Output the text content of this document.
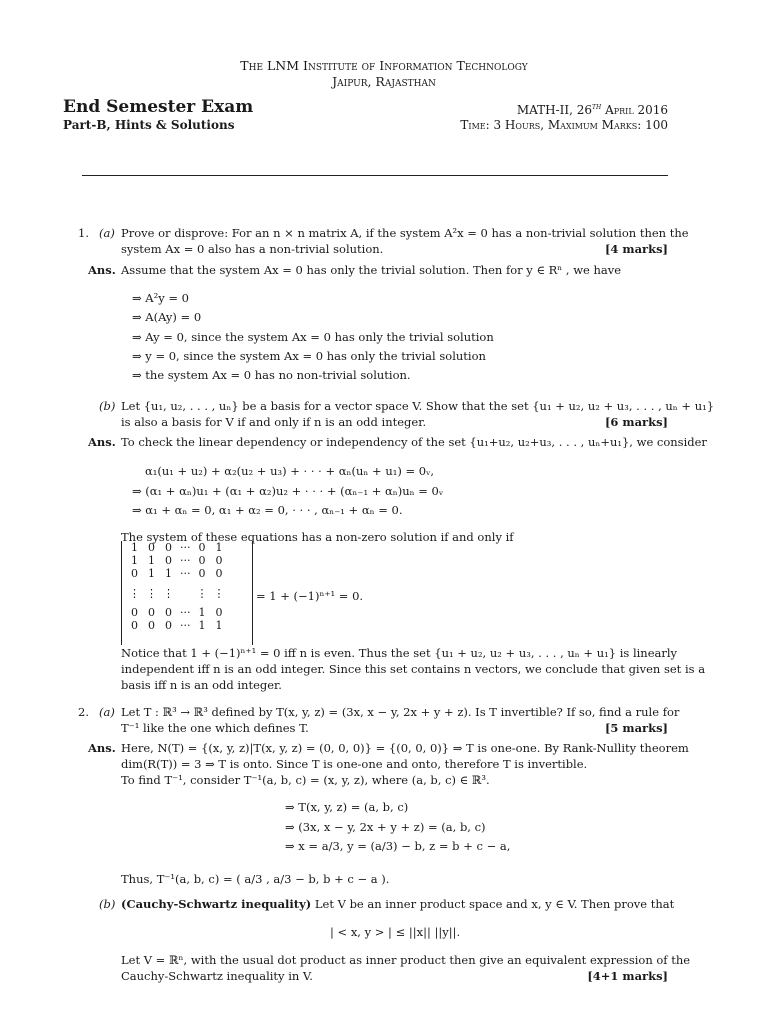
The LNM Institute of Information Technology
Jaipur, Rajasthan
End Semester Exam
Part-B, Hints & Solutions
MATH-II, 26th April 2016
Time: 3 Hours, Maximum Marks: 100
1. (a) Prove or disprove: For an n × n matrix A, if the system A²x = 0 has a non-trivial solution then the
system Ax = 0 also has a non-trivial solution.	[4 marks]
Ans. Assume that the system Ax = 0 has only the trivial solution. Then for y ∈ Rⁿ , we have
⇒ A²y = 0
⇒ A(Ay) = 0
⇒ Ay = 0, since the system Ax = 0 has only the trivial solution
⇒ y = 0, since the system Ax = 0 has only the trivial solution
⇒ the system Ax = 0 has no non-trivial solution.
(b) Let {u₁, u₂, . . . , uₙ} be a basis for a vector space V. Show that the set {u₁ + u₂, u₂ + u₃, . . . , uₙ + u₁}
is also a basis for V if and only if n is an odd integer.	[6 marks]
Ans. To check the linear dependency or independency of the set {u₁+u₂, u₂+u₃, . . . , uₙ+u₁}, we consider
α₁(u₁ + u₂) + α₂(u₂ + u₃) + · · · + αₙ(uₙ + u₁) = 0ᵥ,
⇒ (α₁ + αₙ)u₁ + (α₁ + α₂)u₂ + · · · + (αₙ₋₁ + αₙ)uₙ = 0ᵥ
⇒ α₁ + αₙ = 0, α₁ + α₂ = 0, · · · , αₙ₋₁ + αₙ = 0.
The system of these equations has a non-zero solution if and only if
1	0	0	···	0	1
1	1	0	···	0	0
0	1	1	···	0	0
⋮	⋮	⋮		⋮	⋮
0	0	0	···	1	0
0	0	0	···	1	1
= 1 + (−1)ⁿ⁺¹ = 0.
Notice that 1 + (−1)ⁿ⁺¹ = 0 iff n is even. Thus the set {u₁ + u₂, u₂ + u₃, . . . , uₙ + u₁} is linearly
independent iff n is an odd integer. Since this set contains n vectors, we conclude that given set is a
basis iff n is an odd integer.
2. (a) Let T : ℝ³ → ℝ³ defined by T(x, y, z) = (3x, x − y, 2x + y + z). Is T invertible? If so, find a rule for
T⁻¹ like the one which defines T.	[5 marks]
Ans. Here, N(T) = {(x, y, z)|T(x, y, z) = (0, 0, 0)} = {(0, 0, 0)} ⇒ T is one-one. By Rank-Nullity theorem
dim(R(T)) = 3 ⇒ T is onto. Since T is one-one and onto, therefore T is invertible.
To find T⁻¹, consider T⁻¹(a, b, c) = (x, y, z), where (a, b, c) ∈ ℝ³.
⇒ T(x, y, z) = (a, b, c)
⇒ (3x, x − y, 2x + y + z) = (a, b, c)
⇒ x = a/3, y = (a/3) − b, z = b + c − a,
Thus, T⁻¹(a, b, c) = ( a/3 , a/3 − b, b + c − a ).
(b) (Cauchy-Schwartz inequality) Let V be an inner product space and x, y ∈ V. Then prove that
| < x, y > | ≤ ||x|| ||y||.
Let V = ℝⁿ, with the usual dot product as inner product then give an equivalent expression of the
Cauchy-Schwartz inequality in V.	[4+1 marks]
